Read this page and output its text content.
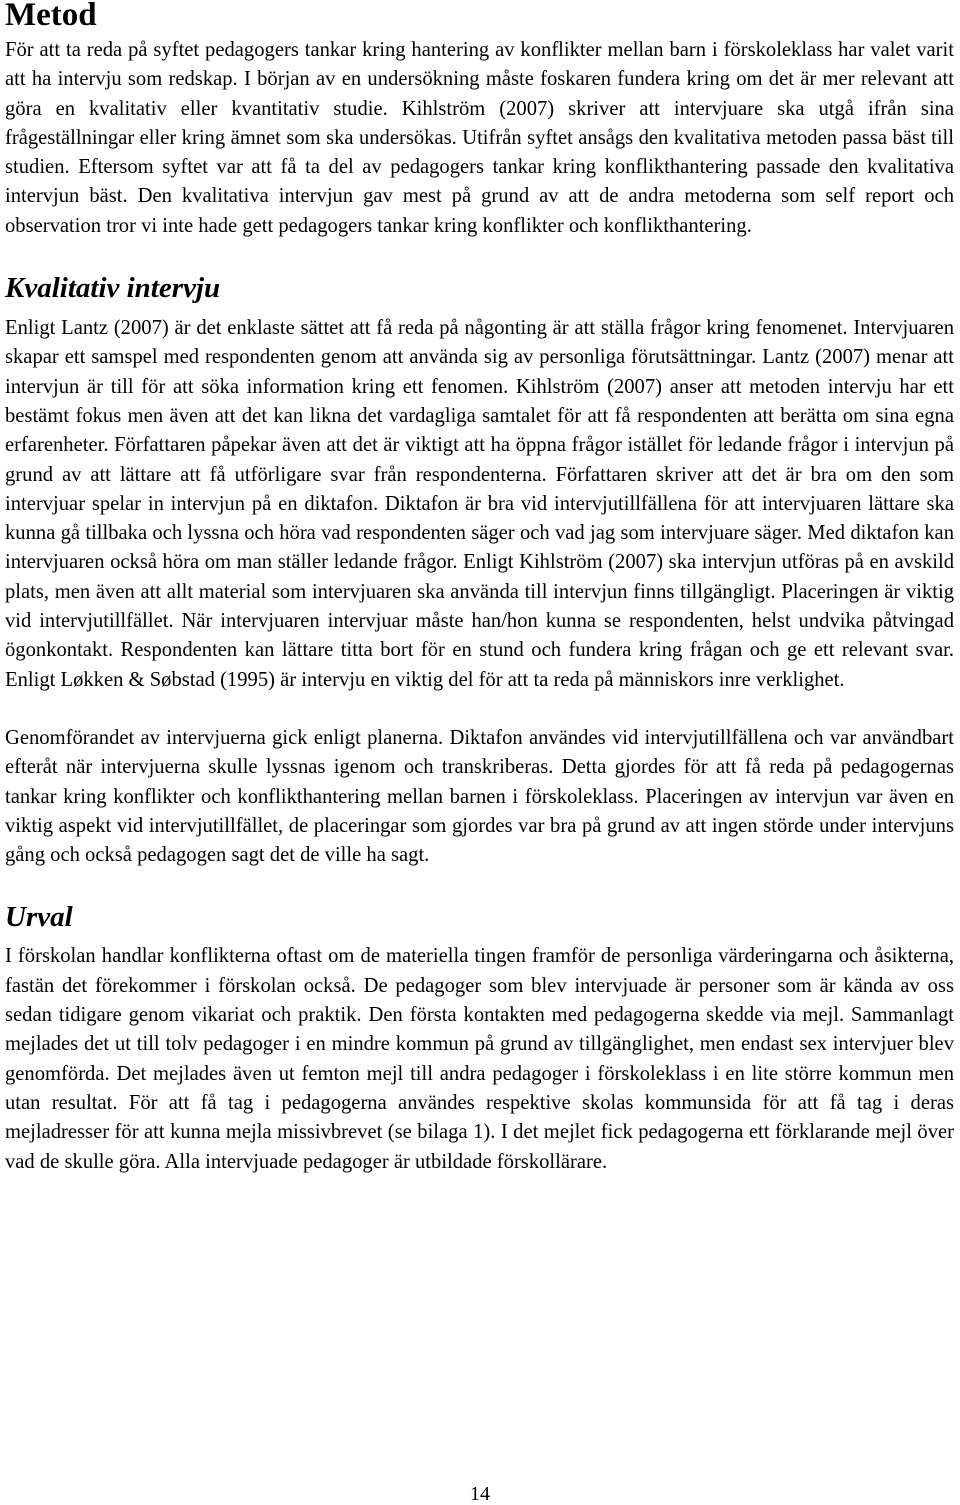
Metod

För att ta reda på syftet pedagogers tankar kring hantering av konflikter mellan barn i förskoleklass har valet varit att ha intervju som redskap. I början av en undersökning måste foskaren fundera kring om det är mer relevant att göra en kvalitativ eller kvantitativ studie. Kihlström (2007) skriver att intervjuare ska utgå ifrån sina frågeställningar eller kring ämnet som ska undersökas. Utifrån syftet ansågs den kvalitativa metoden passa bäst till studien. Eftersom syftet var att få ta del av pedagogers tankar kring konflikthantering passade den kvalitativa intervjun bäst. Den kvalitativa intervjun gav mest på grund av att de andra metoderna som self report och observation tror vi inte hade gett pedagogers tankar kring konflikter och konflikthantering.

Kvalitativ intervju

Enligt Lantz (2007) är det enklaste sättet att få reda på någonting är att ställa frågor kring fenomenet. Intervjuaren skapar ett samspel med respondenten genom att använda sig av personliga förutsättningar. Lantz (2007) menar att intervjun är till för att söka information kring ett fenomen. Kihlström (2007) anser att metoden intervju har ett bestämt fokus men även att det kan likna det vardagliga samtalet för att få respondenten att berätta om sina egna erfarenheter. Författaren påpekar även att det är viktigt att ha öppna frågor istället för ledande frågor i intervjun på grund av att lättare att få utförligare svar från respondenterna. Författaren skriver att det är bra om den som intervjuar spelar in intervjun på en diktafon. Diktafon är bra vid intervjutillfällena för att intervjuaren lättare ska kunna gå tillbaka och lyssna och höra vad respondenten säger och vad jag som intervjuare säger. Med diktafon kan intervjuaren också höra om man ställer ledande frågor. Enligt Kihlström (2007) ska intervjun utföras på en avskild plats, men även att allt material som intervjuaren ska använda till intervjun finns tillgängligt. Placeringen är viktig vid intervjutillfället. När intervjuaren intervjuar måste han/hon kunna se respondenten, helst undvika påtvingad ögonkontakt. Respondenten kan lättare titta bort för en stund och fundera kring frågan och ge ett relevant svar. Enligt Løkken & Søbstad (1995) är intervju en viktig del för att ta reda på människors inre verklighet.

Genomförandet av intervjuerna gick enligt planerna. Diktafon användes vid intervjutillfällena och var användbart efteråt när intervjuerna skulle lyssnas igenom och transkriberas. Detta gjordes för att få reda på pedagogernas tankar kring konflikter och konflikthantering mellan barnen i förskoleklass. Placeringen av intervjun var även en viktig aspekt vid intervjutillfället, de placeringar som gjordes var bra på grund av att ingen störde under intervjuns gång och också pedagogen sagt det de ville ha sagt.

Urval

I förskolan handlar konflikterna oftast om de materiella tingen framför de personliga värderingarna och åsikterna, fastän det förekommer i förskolan också. De pedagoger som blev intervjuade är personer som är kända av oss sedan tidigare genom vikariat och praktik. Den första kontakten med pedagogerna skedde via mejl. Sammanlagt mejlades det ut till tolv pedagoger i en mindre kommun på grund av tillgänglighet, men endast sex intervjuer blev genomförda. Det mejlades även ut femton mejl till andra pedagoger i förskoleklass i en lite större kommun men utan resultat. För att få tag i pedagogerna användes respektive skolas kommunsida för att få tag i deras mejladresser för att kunna mejla missivbrevet (se bilaga 1). I det mejlet fick pedagogerna ett förklarande mejl över vad de skulle göra. Alla intervjuade pedagoger är utbildade förskollärare.

14
